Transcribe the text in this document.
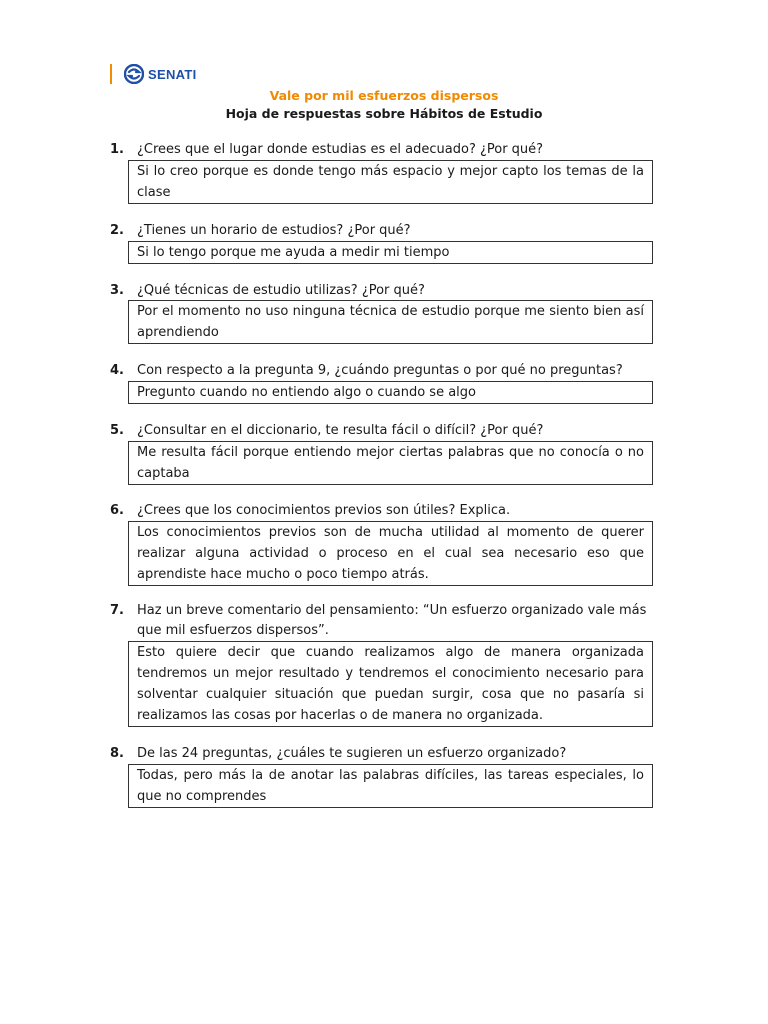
SENATI
Vale por mil esfuerzos dispersos
Hoja de respuestas sobre Hábitos de Estudio
1. ¿Crees que el lugar donde estudias es el adecuado? ¿Por qué?
Si lo creo porque es donde tengo más espacio y mejor capto los temas de la clase
2. ¿Tienes un horario de estudios? ¿Por qué?
Si lo tengo porque me ayuda a medir mi tiempo
3. ¿Qué técnicas de estudio utilizas? ¿Por qué?
Por el momento no uso ninguna técnica de estudio porque me siento bien así aprendiendo
4. Con respecto a la pregunta 9, ¿cuándo preguntas o por qué no preguntas?
Pregunto cuando no entiendo algo o cuando se algo
5. ¿Consultar en el diccionario, te resulta fácil o difícil? ¿Por qué?
Me resulta fácil porque entiendo mejor ciertas palabras que no conocía o no captaba
6. ¿Crees que los conocimientos previos son útiles? Explica.
Los conocimientos previos son de mucha utilidad al momento de querer realizar alguna actividad o proceso en el cual sea necesario eso que aprendiste hace mucho o poco tiempo atrás.
7. Haz un breve comentario del pensamiento: “Un esfuerzo organizado vale más que mil esfuerzos dispersos”.
Esto quiere decir que cuando realizamos algo de manera organizada tendremos un mejor resultado y tendremos el conocimiento necesario para solventar cualquier situación que puedan surgir, cosa que no pasaría si realizamos las cosas por hacerlas o de manera no organizada.
8. De las 24 preguntas, ¿cuáles te sugieren un esfuerzo organizado?
Todas, pero más la de anotar las palabras difíciles, las tareas especiales, lo que no comprendes
